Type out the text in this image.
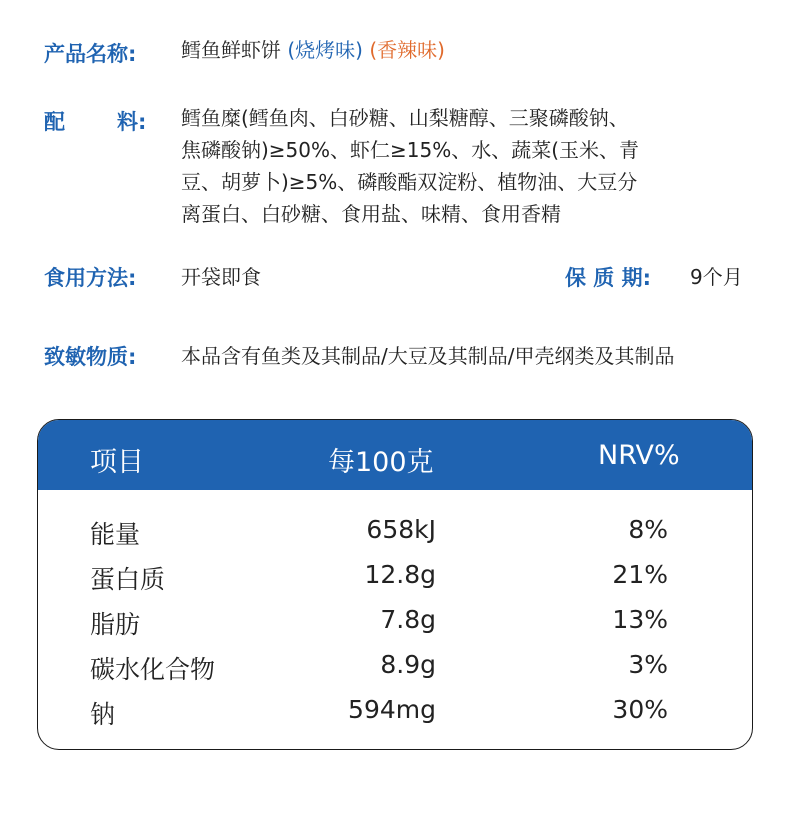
产品名称: 鳕鱼鲜虾饼 (烧烤味) (香辣味)
配 料: 鳕鱼糜(鳕鱼肉、白砂糖、山梨糖醇、三聚磷酸钠、
焦磷酸钠)≥50%、虾仁≥15%、水、蔬菜(玉米、青
豆、胡萝卜)≥5%、磷酸酯双淀粉、植物油、大豆分
离蛋白、白砂糖、食用盐、味精、食用香精
食用方法: 开袋即食	保 质 期: 9个月
致敏物质: 本品含有鱼类及其制品/大豆及其制品/甲壳纲类及其制品
项目	每100克	NRV%
能量	658kJ	8%
蛋白质	12.8g	21%
脂肪	7.8g	13%
碳水化合物	8.9g	3%
钠	594mg	30%
